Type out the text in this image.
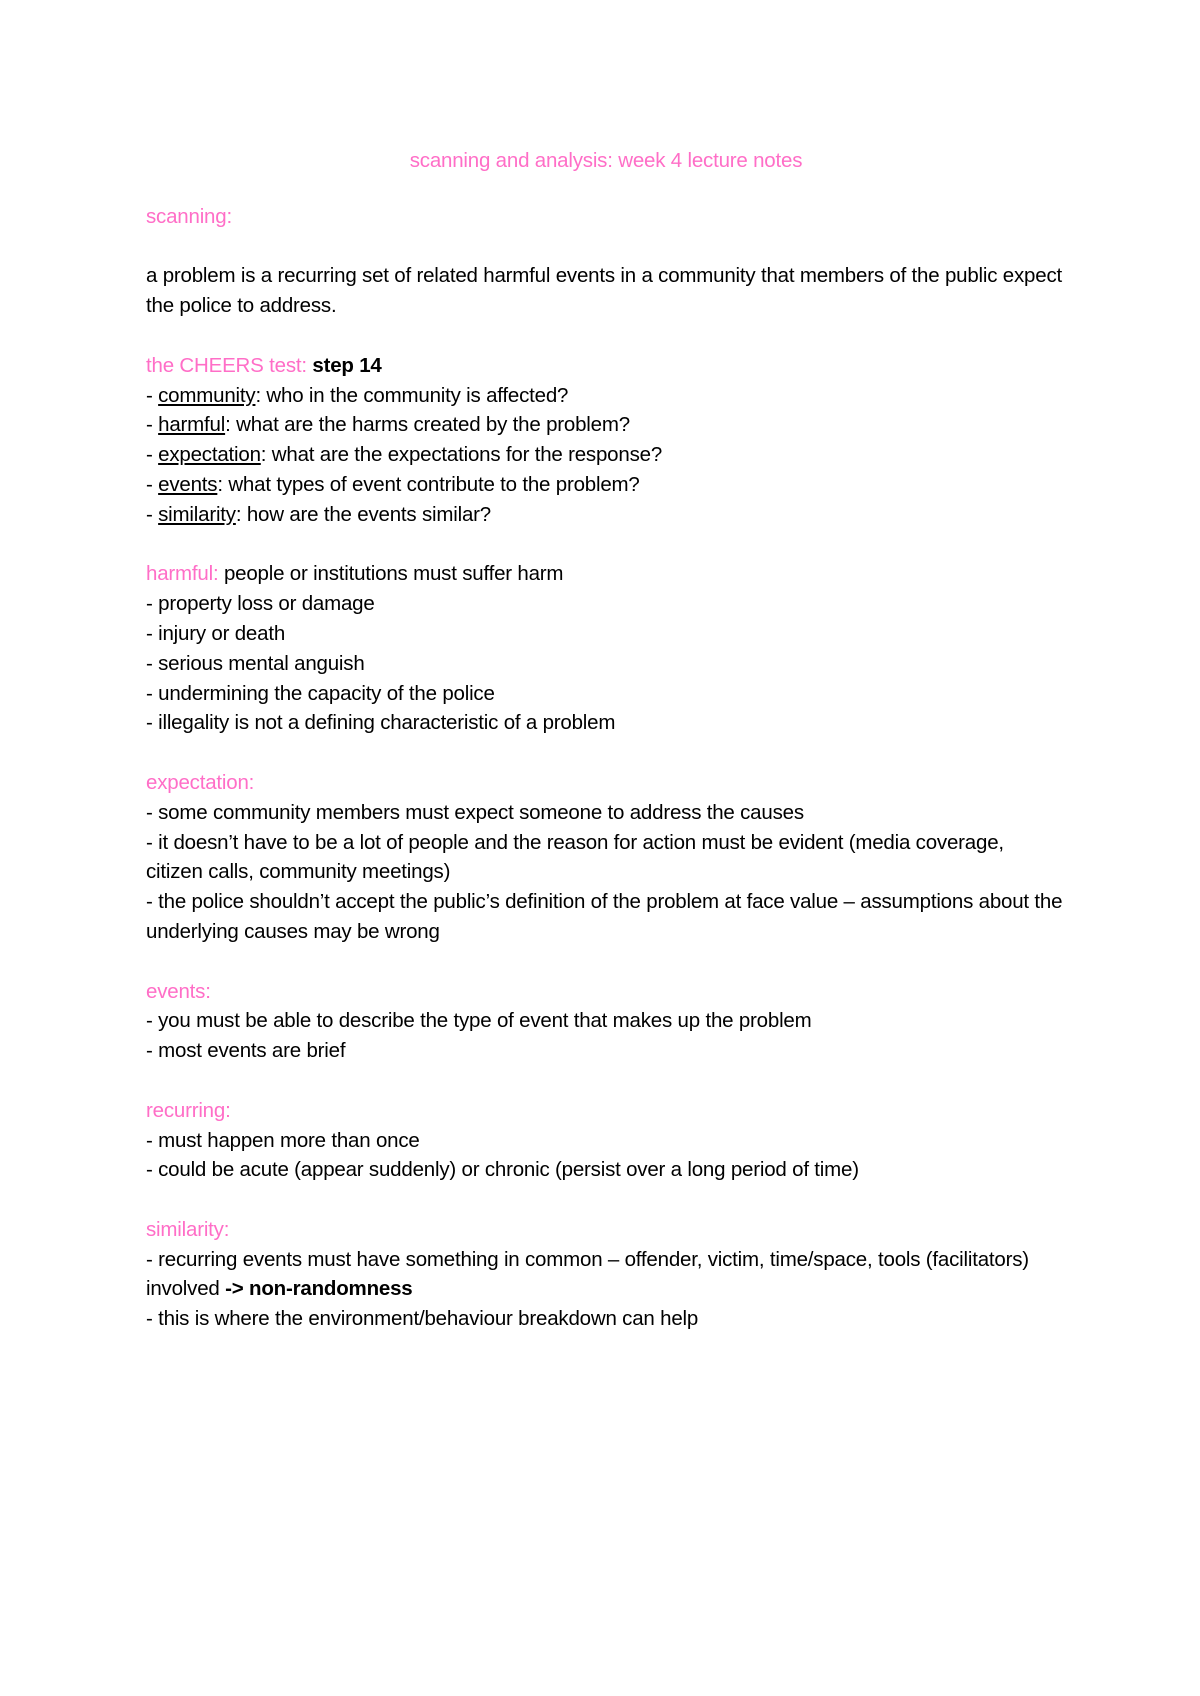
scanning and analysis: week 4 lecture notes
scanning:
a problem is a recurring set of related harmful events in a community that members of the public expect the police to address.
the CHEERS test: step 14
- community: who in the community is affected?
- harmful: what are the harms created by the problem?
- expectation: what are the expectations for the response?
- events: what types of event contribute to the problem?
- similarity: how are the events similar?
harmful: people or institutions must suffer harm
- property loss or damage
- injury or death
- serious mental anguish
- undermining the capacity of the police
- illegality is not a defining characteristic of a problem
expectation:
- some community members must expect someone to address the causes
- it doesn’t have to be a lot of people and the reason for action must be evident (media coverage, citizen calls, community meetings)
- the police shouldn’t accept the public’s definition of the problem at face value – assumptions about the underlying causes may be wrong
events:
- you must be able to describe the type of event that makes up the problem
- most events are brief
recurring:
- must happen more than once
- could be acute (appear suddenly) or chronic (persist over a long period of time)
similarity:
- recurring events must have something in common – offender, victim, time/space, tools (facilitators) involved -> non-randomness
- this is where the environment/behaviour breakdown can help
